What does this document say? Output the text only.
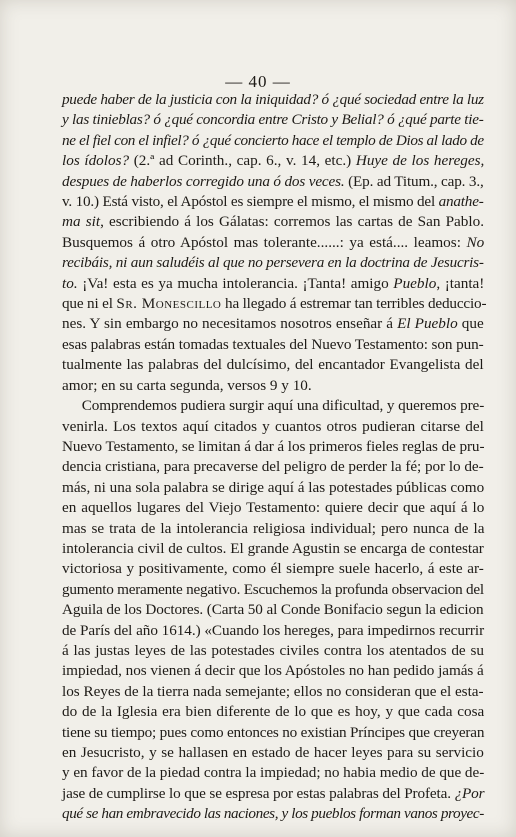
— 40 —
puede haber de la justicia con la iniquidad? ó ¿qué sociedad entre la luz
y las tinieblas? ó ¿qué concordia entre Cristo y Belial? ó ¿qué parte tie-
ne el fiel con el infiel? ó ¿qué concierto hace el templo de Dios al lado de
los ídolos? (2.ª ad Corinth., cap. 6., v. 14, etc.) Huye de los hereges,
despues de haberlos corregido una ó dos veces. (Ep. ad Titum., cap. 3.,
v. 10.) Está visto, el Apóstol es siempre el mismo, el mismo del anathe-
ma sit, escribiendo á los Gálatas: corremos las cartas de San Pablo.
Busquemos á otro Apóstol mas tolerante......: ya está.... leamos: No
recibáis, ni aun saludéis al que no persevera en la doctrina de Jesucris-
to. ¡Va! esta es ya mucha intolerancia. ¡Tanta! amigo Pueblo, ¡tanta!
que ni el Sr. Monescillo ha llegado á estremar tan terribles deduccio-
nes. Y sin embargo no necesitamos nosotros enseñar á El Pueblo que
esas palabras están tomadas textuales del Nuevo Testamento: son pun-
tualmente las palabras del dulcísimo, del encantador Evangelista del
amor; en su carta segunda, versos 9 y 10.
Comprendemos pudiera surgir aquí una dificultad, y queremos pre-
venirla. Los textos aquí citados y cuantos otros pudieran citarse del
Nuevo Testamento, se limitan á dar á los primeros fieles reglas de pru-
dencia cristiana, para precaverse del peligro de perder la fé; por lo de-
más, ni una sola palabra se dirige aquí á las potestades públicas como
en aquellos lugares del Viejo Testamento: quiere decir que aquí á lo
mas se trata de la intolerancia religiosa individual; pero nunca de la
intolerancia civil de cultos. El grande Agustin se encarga de contestar
victoriosa y positivamente, como él siempre suele hacerlo, á este ar-
gumento meramente negativo. Escuchemos la profunda observacion del
Aguila de los Doctores. (Carta 50 al Conde Bonifacio segun la edicion
de París del año 1614.) «Cuando los hereges, para impedirnos recurrir
á las justas leyes de las potestades civiles contra los atentados de su
impiedad, nos vienen á decir que los Apóstoles no han pedido jamás á
los Reyes de la tierra nada semejante; ellos no consideran que el esta-
do de la Iglesia era bien diferente de lo que es hoy, y que cada cosa
tiene su tiempo; pues como entonces no existian Príncipes que creyeran
en Jesucristo, y se hallasen en estado de hacer leyes para su servicio
y en favor de la piedad contra la impiedad; no habia medio de que de-
jase de cumplirse lo que se espresa por estas palabras del Profeta. ¿Por
qué se han embravecido las naciones, y los pueblos forman vanos proyec-
